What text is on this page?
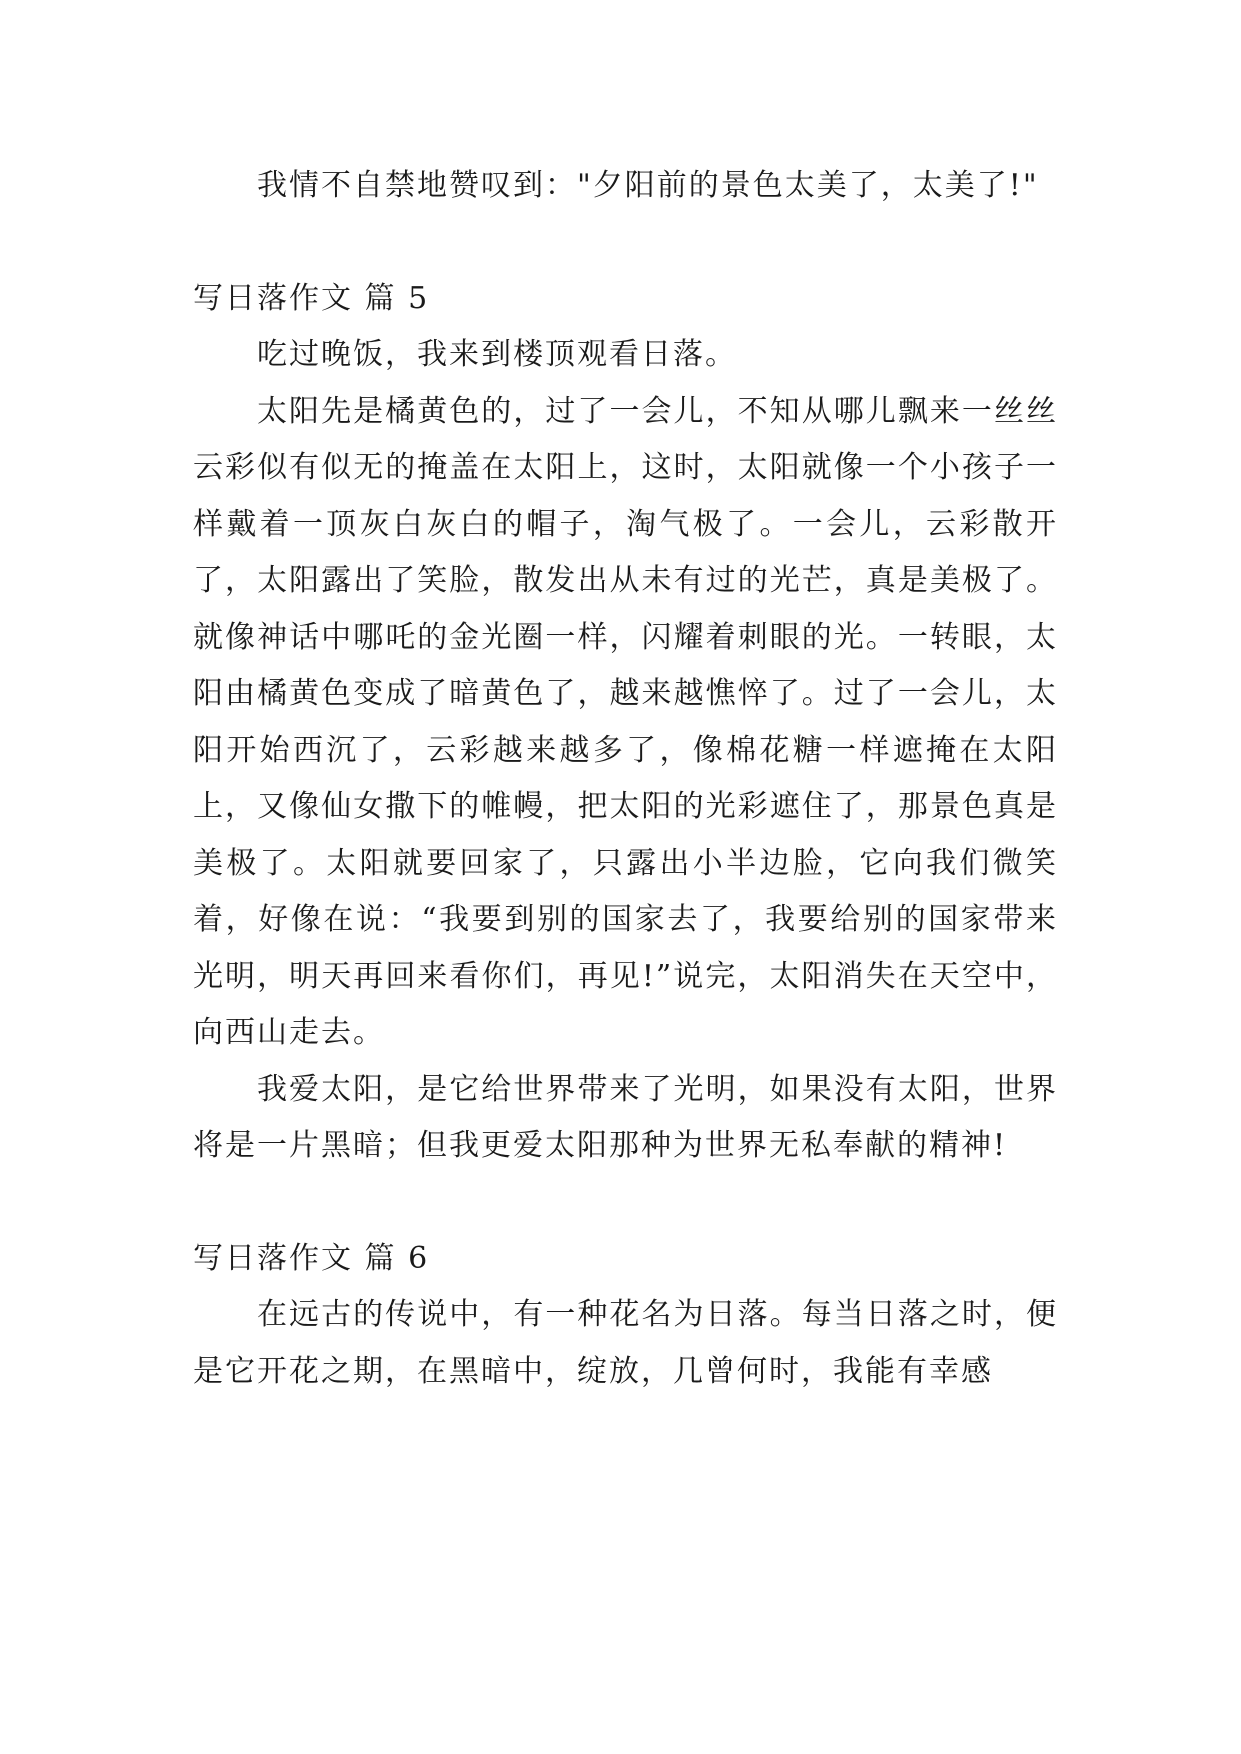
我情不自禁地赞叹到："夕阳前的景色太美了，太美了!"

写日落作文 篇 5

吃过晚饭，我来到楼顶观看日落。

太阳先是橘黄色的，过了一会儿，不知从哪儿飘来一丝丝云彩似有似无的掩盖在太阳上，这时，太阳就像一个小孩子一样戴着一顶灰白灰白的帽子，淘气极了。一会儿，云彩散开了，太阳露出了笑脸，散发出从未有过的光芒，真是美极了。就像神话中哪吒的金光圈一样，闪耀着刺眼的光。一转眼，太阳由橘黄色变成了暗黄色了，越来越憔悴了。过了一会儿，太阳开始西沉了，云彩越来越多了，像棉花糖一样遮掩在太阳上，又像仙女撒下的帷幔，把太阳的光彩遮住了，那景色真是美极了。太阳就要回家了，只露出小半边脸，它向我们微笑着，好像在说：“我要到别的国家去了，我要给别的国家带来光明，明天再回来看你们，再见!”说完，太阳消失在天空中，向西山走去。

我爱太阳，是它给世界带来了光明，如果没有太阳，世界将是一片黑暗；但我更爱太阳那种为世界无私奉献的精神!

写日落作文 篇 6

在远古的传说中，有一种花名为日落。每当日落之时，便是它开花之期，在黑暗中，绽放，几曾何时，我能有幸感
